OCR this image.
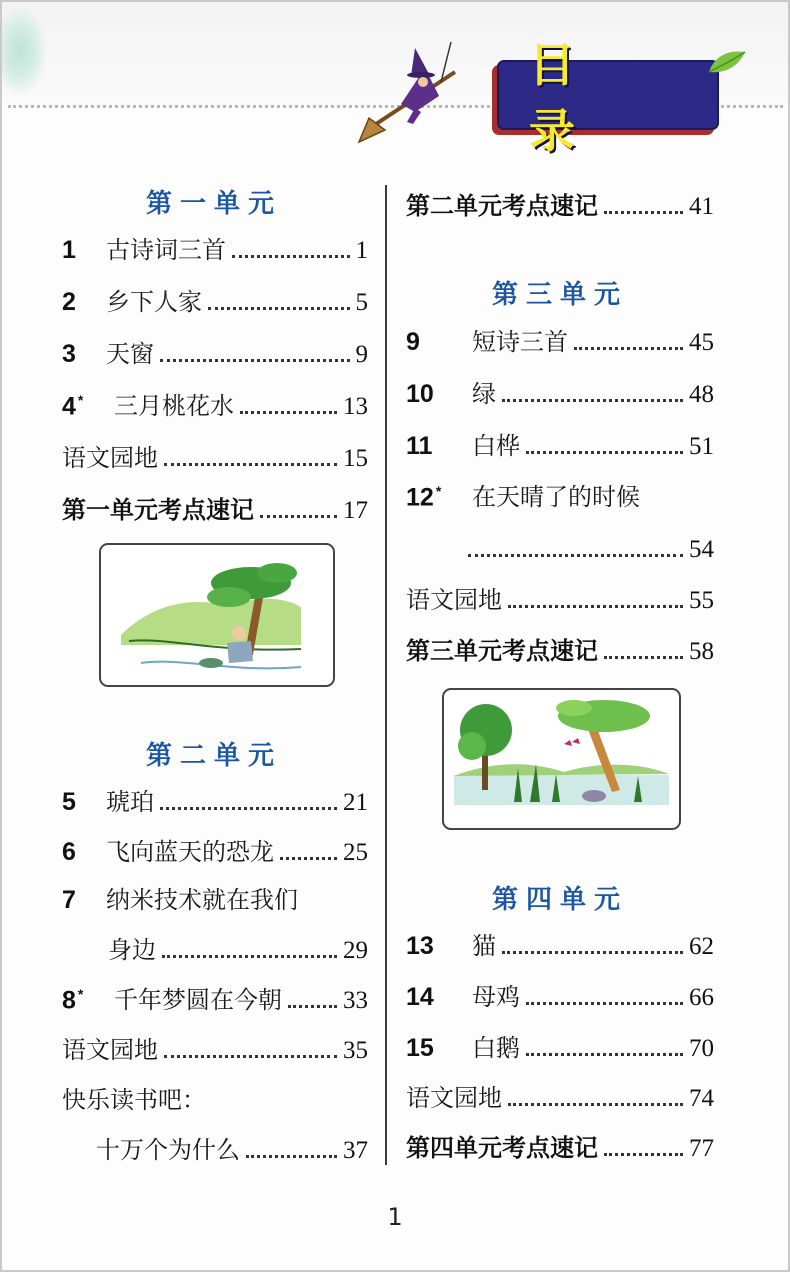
目 录
第一单元
1	古诗词三首	1
2	乡下人家	5
3	天窗	9
4 *	三月桃花水	13
语文园地	15
第一单元考点速记	17
第二单元
5	琥珀	21
6	飞向蓝天的恐龙	25
7	纳米技术就在我们
身边	29
8 *	千年梦圆在今朝 33
语文园地	35
快乐读书吧：
十万个为什么	37
第二单元考点速记	41
第三单元
9	短诗三首	45
10	绿	48
11	白桦	51
12 *	在天晴了的时候
54
语文园地	55
第三单元考点速记	58
第四单元
13	猫	62
14	母鸡	66
15	白鹅	70
语文园地	74
第四单元考点速记	77
1
